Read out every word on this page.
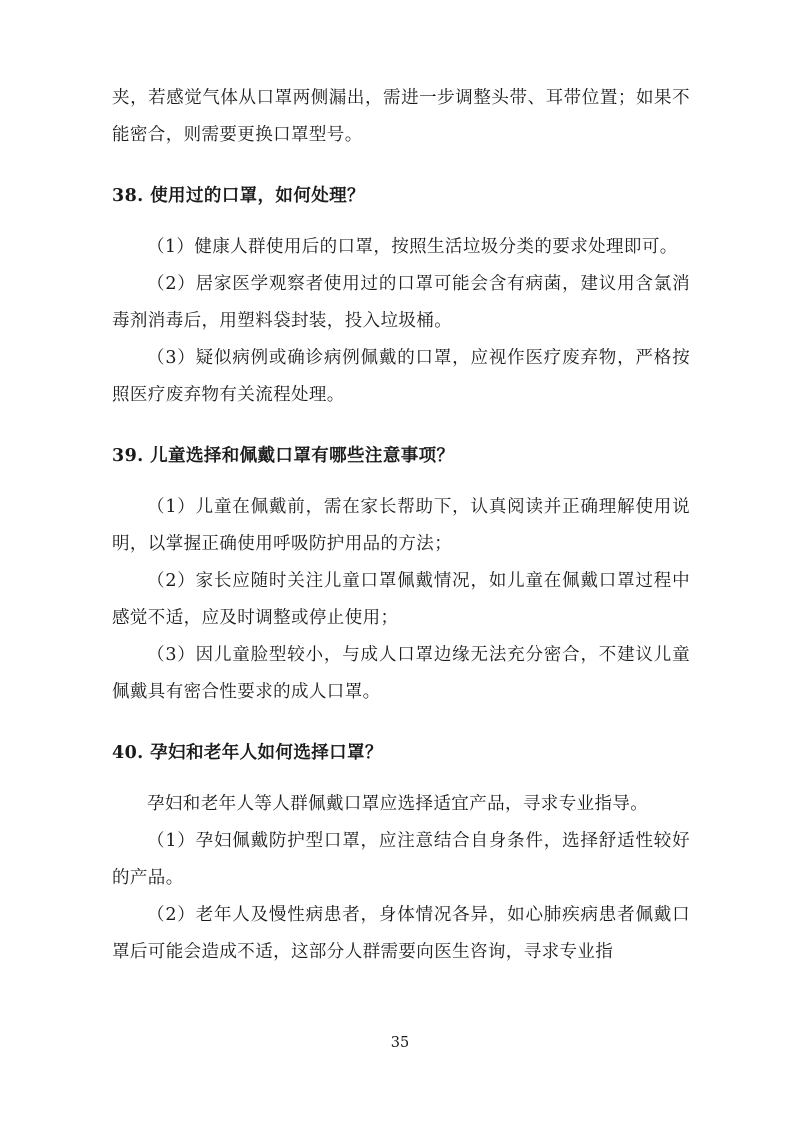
夹，若感觉气体从口罩两侧漏出，需进一步调整头带、耳带位置；如果不能密合，则需要更换口罩型号。

38. 使用过的口罩，如何处理？

（1）健康人群使用后的口罩，按照生活垃圾分类的要求处理即可。

（2）居家医学观察者使用过的口罩可能会含有病菌，建议用含氯消毒剂消毒后，用塑料袋封装，投入垃圾桶。

（3）疑似病例或确诊病例佩戴的口罩，应视作医疗废弃物，严格按照医疗废弃物有关流程处理。

39. 儿童选择和佩戴口罩有哪些注意事项？

（1）儿童在佩戴前，需在家长帮助下，认真阅读并正确理解使用说明，以掌握正确使用呼吸防护用品的方法；

（2）家长应随时关注儿童口罩佩戴情况，如儿童在佩戴口罩过程中感觉不适，应及时调整或停止使用；

（3）因儿童脸型较小，与成人口罩边缘无法充分密合，不建议儿童佩戴具有密合性要求的成人口罩。

40. 孕妇和老年人如何选择口罩？

孕妇和老年人等人群佩戴口罩应选择适宜产品，寻求专业指导。

（1）孕妇佩戴防护型口罩，应注意结合自身条件，选择舒适性较好的产品。

（2）老年人及慢性病患者，身体情况各异，如心肺疾病患者佩戴口罩后可能会造成不适，这部分人群需要向医生咨询，寻求专业指

35
